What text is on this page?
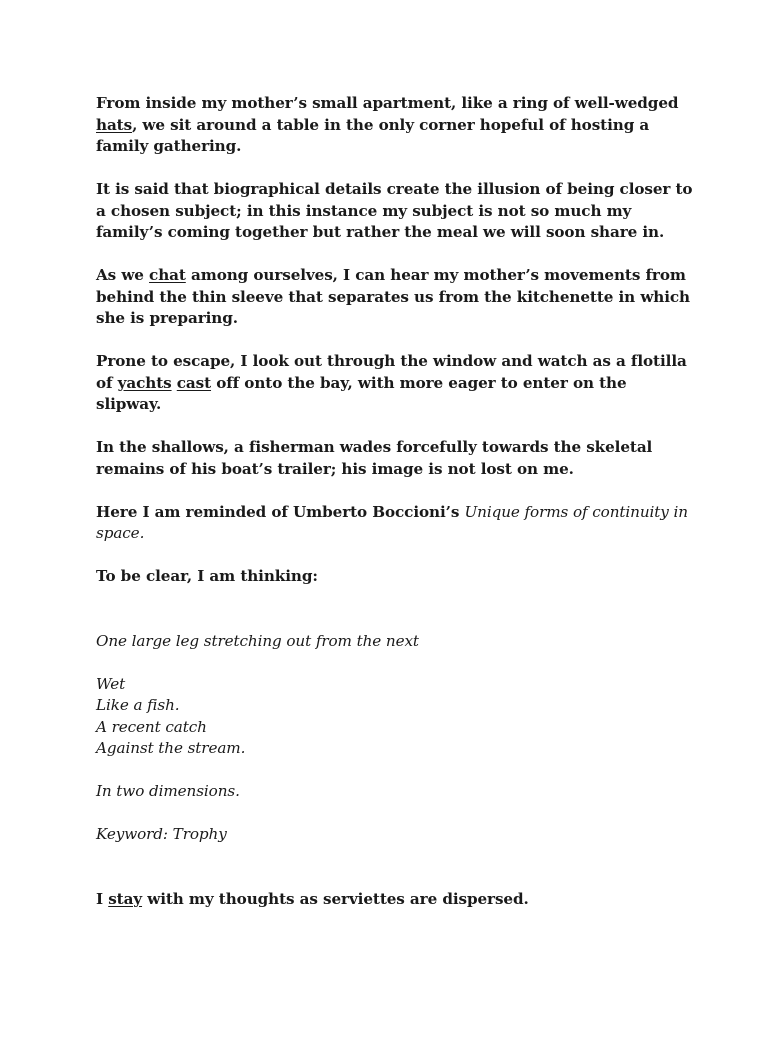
From inside my mother’s small apartment, like a ring of well-wedged hats, we sit around a table in the only corner hopeful of hosting a family gathering.

It is said that biographical details create the illusion of being closer to a chosen subject; in this instance my subject is not so much my family’s coming together but rather the meal we will soon share in.

As we chat among ourselves, I can hear my mother’s movements from behind the thin sleeve that separates us from the kitchenette in which she is preparing.

Prone to escape, I look out through the window and watch as a flotilla of yachts cast off onto the bay, with more eager to enter on the slipway.

In the shallows, a fisherman wades forcefully towards the skeletal remains of his boat’s trailer; his image is not lost on me.

Here I am reminded of Umberto Boccioni’s Unique forms of continuity in space.

To be clear, I am thinking:

One large leg stretching out from the next

Wet
Like a fish.
A recent catch
Against the stream.

In two dimensions.

Keyword: Trophy

I stay with my thoughts as serviettes are dispersed.
